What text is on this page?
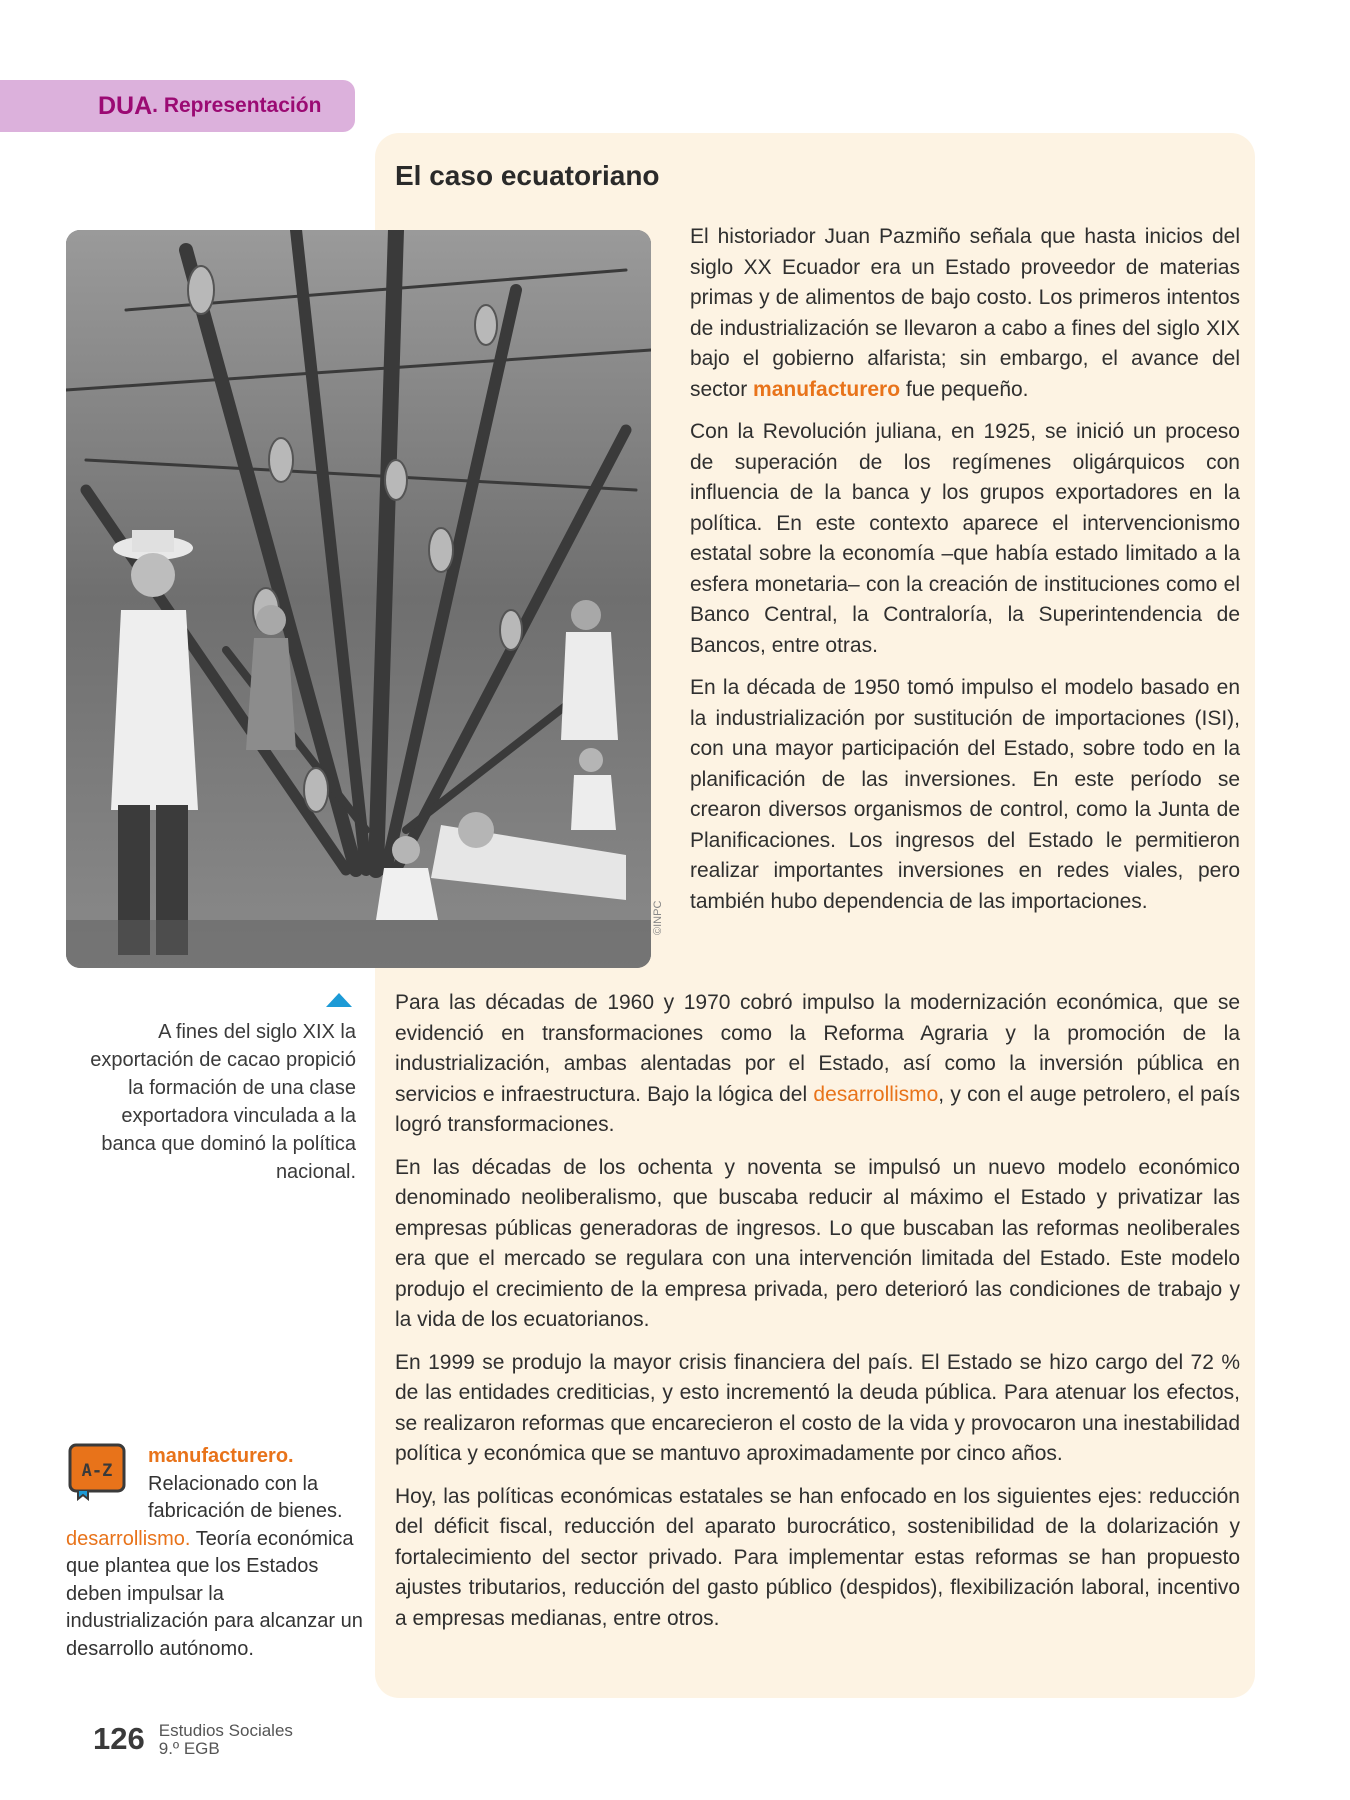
DUA . Representación
El caso ecuatoriano
©INPC

A fines del siglo XIX la exportación de cacao propició la formación de una clase exportadora vinculada a la banca que dominó la política nacional.

El historiador Juan Pazmiño señala que hasta inicios del siglo XX Ecuador era un Estado proveedor de materias primas y de alimentos de bajo costo. Los primeros intentos de industrialización se llevaron a cabo a fines del siglo XIX bajo el gobierno alfarista; sin embargo, el avance del sector manufacturero fue pequeño.

Con la Revolución juliana, en 1925, se inició un proceso de superación de los regímenes oligárquicos con influencia de la banca y los grupos exportadores en la política. En este contexto aparece el intervencionismo estatal sobre la economía –que había estado limitado a la esfera monetaria– con la creación de instituciones como el Banco Central, la Contraloría, la Superintendencia de Bancos, entre otras.

En la década de 1950 tomó impulso el modelo basado en la industrialización por sustitución de importaciones (ISI), con una mayor participación del Estado, sobre todo en la planificación de las inversiones. En este período se crearon diversos organismos de control, como la Junta de Planificaciones. Los ingresos del Estado le permitieron realizar importantes inversiones en redes viales, pero también hubo dependencia de las importaciones.

Para las décadas de 1960 y 1970 cobró impulso la modernización económica, que se evidenció en transformaciones como la Reforma Agraria y la promoción de la industrialización, ambas alentadas por el Estado, así como la inversión pública en servicios e infraestructura. Bajo la lógica del desarrollismo, y con el auge petrolero, el país logró transformaciones.

En las décadas de los ochenta y noventa se impulsó un nuevo modelo económico denominado neoliberalismo, que buscaba reducir al máximo el Estado y privatizar las empresas públicas generadoras de ingresos. Lo que buscaban las reformas neoliberales era que el mercado se regulara con una intervención limitada del Estado. Este modelo produjo el crecimiento de la empresa privada, pero deterioró las condiciones de trabajo y la vida de los ecuatorianos.

En 1999 se produjo la mayor crisis financiera del país. El Estado se hizo cargo del 72 % de las entidades crediticias, y esto incrementó la deuda pública. Para atenuar los efectos, se realizaron reformas que encarecieron el costo de la vida y provocaron una inestabilidad política y económica que se mantuvo aproximadamente por cinco años.

Hoy, las políticas económicas estatales se han enfocado en los siguientes ejes: reducción del déficit fiscal, reducción del aparato burocrático, sostenibilidad de la dolarización y fortalecimiento del sector privado. Para implementar estas reformas se han propuesto ajustes tributarios, reducción del gasto público (despidos), flexibilización laboral, incentivo a empresas medianas, entre otros.

A-Z

manufacturero.
Relacionado con la fabricación de bienes.
desarrollismo. Teoría económica que plantea que los Estados deben impulsar la industrialización para alcanzar un desarrollo autónomo.

126 Estudios Sociales
9.º EGB
